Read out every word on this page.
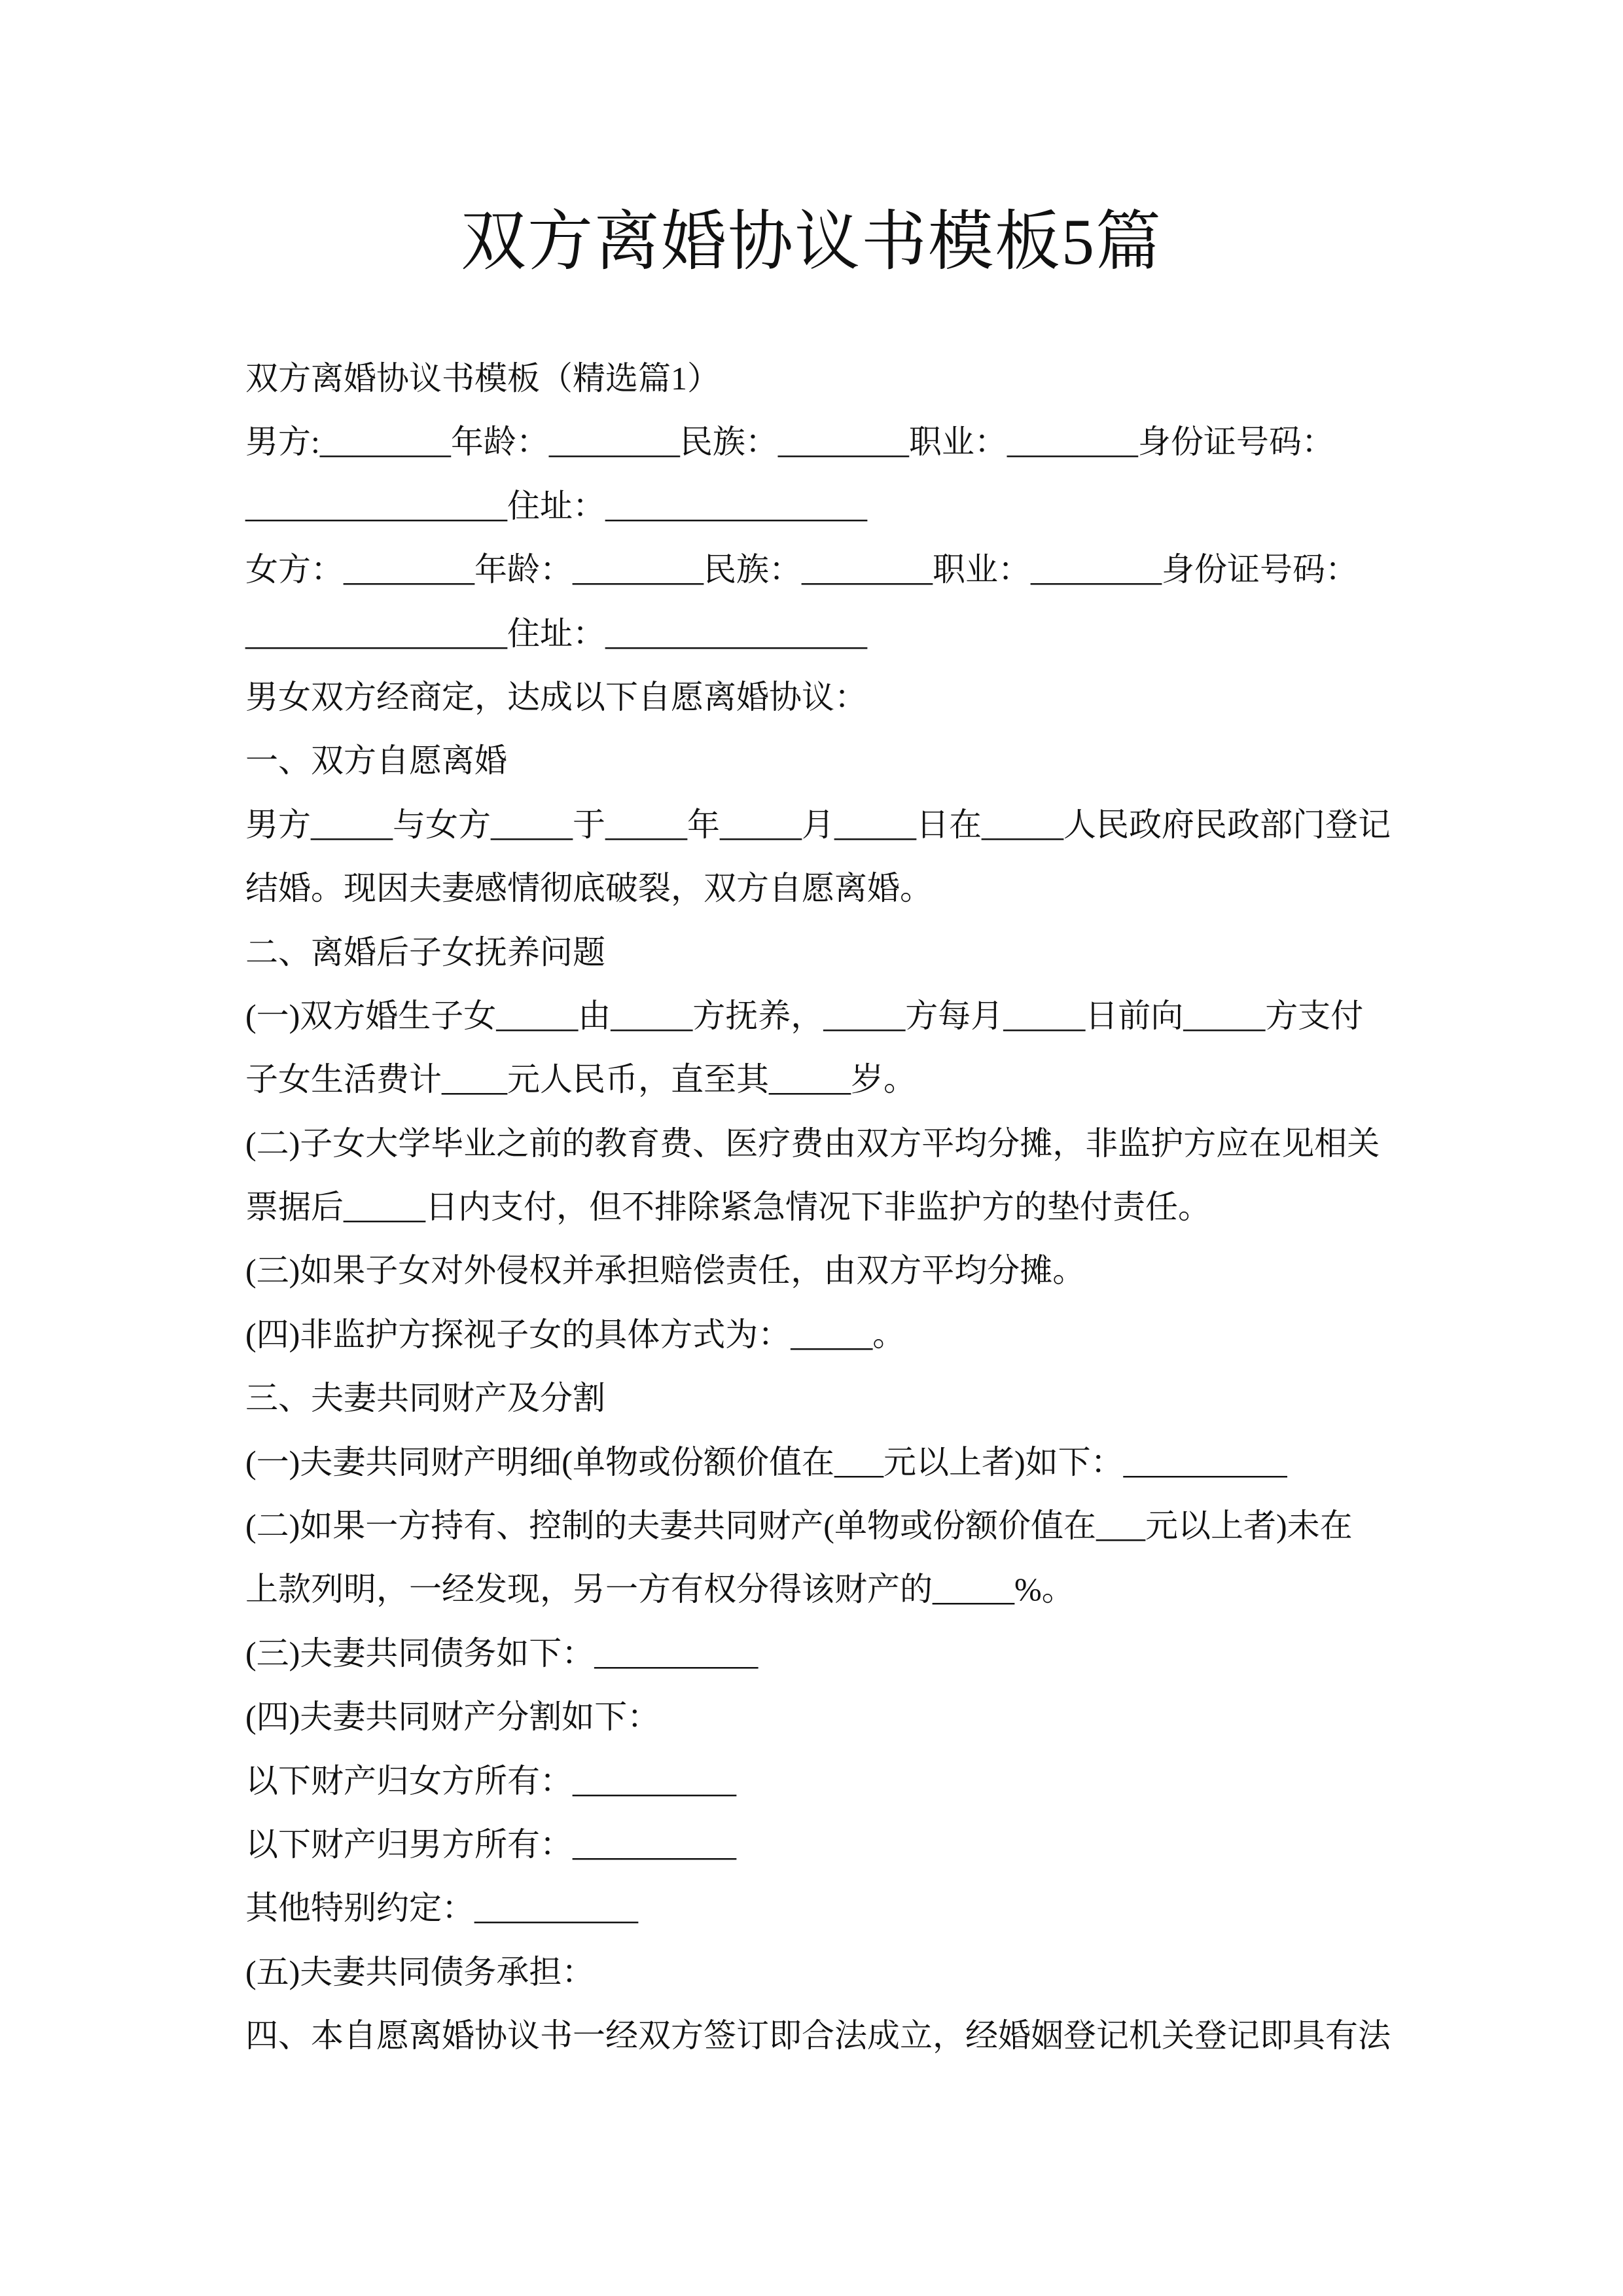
双方离婚协议书模板5篇
双方离婚协议书模板（精选篇1）
男方:________年龄：________民族：________职业：________身份证号码：
________________住址：________________
女方：________年龄：________民族：________职业：________身份证号码：
________________住址：________________
男女双方经商定，达成以下自愿离婚协议：
一、双方自愿离婚
男方_____与女方_____于_____年_____月_____日在_____人民政府民政部门登记
结婚。现因夫妻感情彻底破裂，双方自愿离婚。
二、离婚后子女抚养问题
(一)双方婚生子女_____由_____方抚养，_____方每月_____日前向_____方支付
子女生活费计____元人民币，直至其_____岁。
(二)子女大学毕业之前的教育费、医疗费由双方平均分摊，非监护方应在见相关
票据后_____日内支付，但不排除紧急情况下非监护方的垫付责任。
(三)如果子女对外侵权并承担赔偿责任，由双方平均分摊。
(四)非监护方探视子女的具体方式为：_____。
三、夫妻共同财产及分割
(一)夫妻共同财产明细(单物或份额价值在___元以上者)如下：__________
(二)如果一方持有、控制的夫妻共同财产(单物或份额价值在___元以上者)未在
上款列明，一经发现，另一方有权分得该财产的_____%。
(三)夫妻共同债务如下：__________
(四)夫妻共同财产分割如下：
以下财产归女方所有：__________
以下财产归男方所有：__________
其他特别约定：__________
(五)夫妻共同债务承担：
四、本自愿离婚协议书一经双方签订即合法成立，经婚姻登记机关登记即具有法
